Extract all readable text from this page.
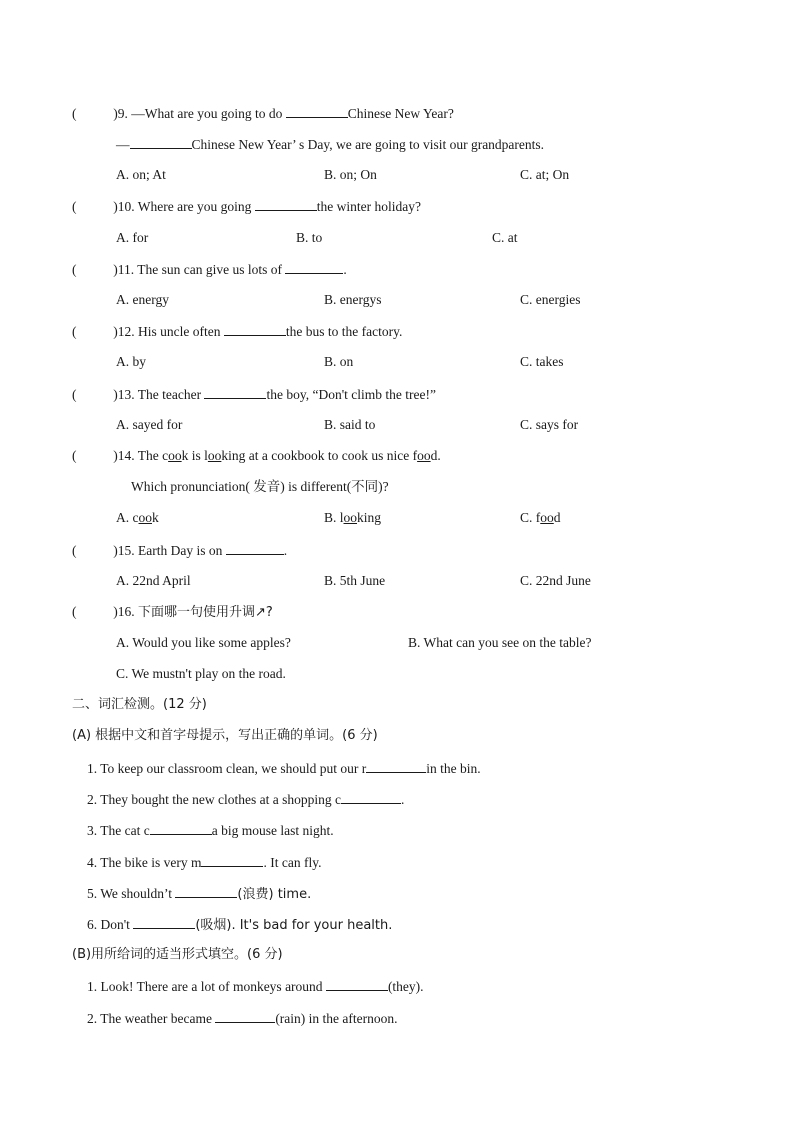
(	)9. —What are you going to do	Chinese New Year?
—	Chinese New Year’ s Day, we are going to visit our grandparents.
A. on; At	B. on; On	C. at; On
(	)10. Where are you going	the winter holiday?
A. for	B. to	C. at
(	)11. The sun can give us lots of	.
A. energy	B. energys	C. energies
(	)12. His uncle often	the bus to the factory.
A. by	B. on	C. takes
(	)13. The teacher	the boy, “Don't climb the tree!”
A. sayed for	B. said to	C. says for
(	)14. The cook is looking at a cookbook to cook us nice food.
Which pronunciation( 发音) is different(不同)?
A. cook	B. looking	C. food
(	)15. Earth Day is on	.
A. 22nd April	B. 5th June	C. 22nd June
(	)16. 下面哪一句使用升调↗?
A. Would you like some apples?	B. What can you see on the table?
C. We mustn't play on the road.
二、词汇检测。(12 分)
(A) 根据中文和首字母提示，写出正确的单词。(6 分)
1. To keep our classroom clean, we should put our r	in the bin.
2. They bought the new clothes at a shopping c	.
3. The cat c	a big mouse last night.
4. The bike is very m	. It can fly.
5. We shouldn’t	(浪费) time.
6. Don't	(吸烟). It's bad for your health.
(B)用所给词的适当形式填空。(6 分)
1. Look! There are a lot of monkeys around	(they).
2. The weather became	(rain) in the afternoon.
